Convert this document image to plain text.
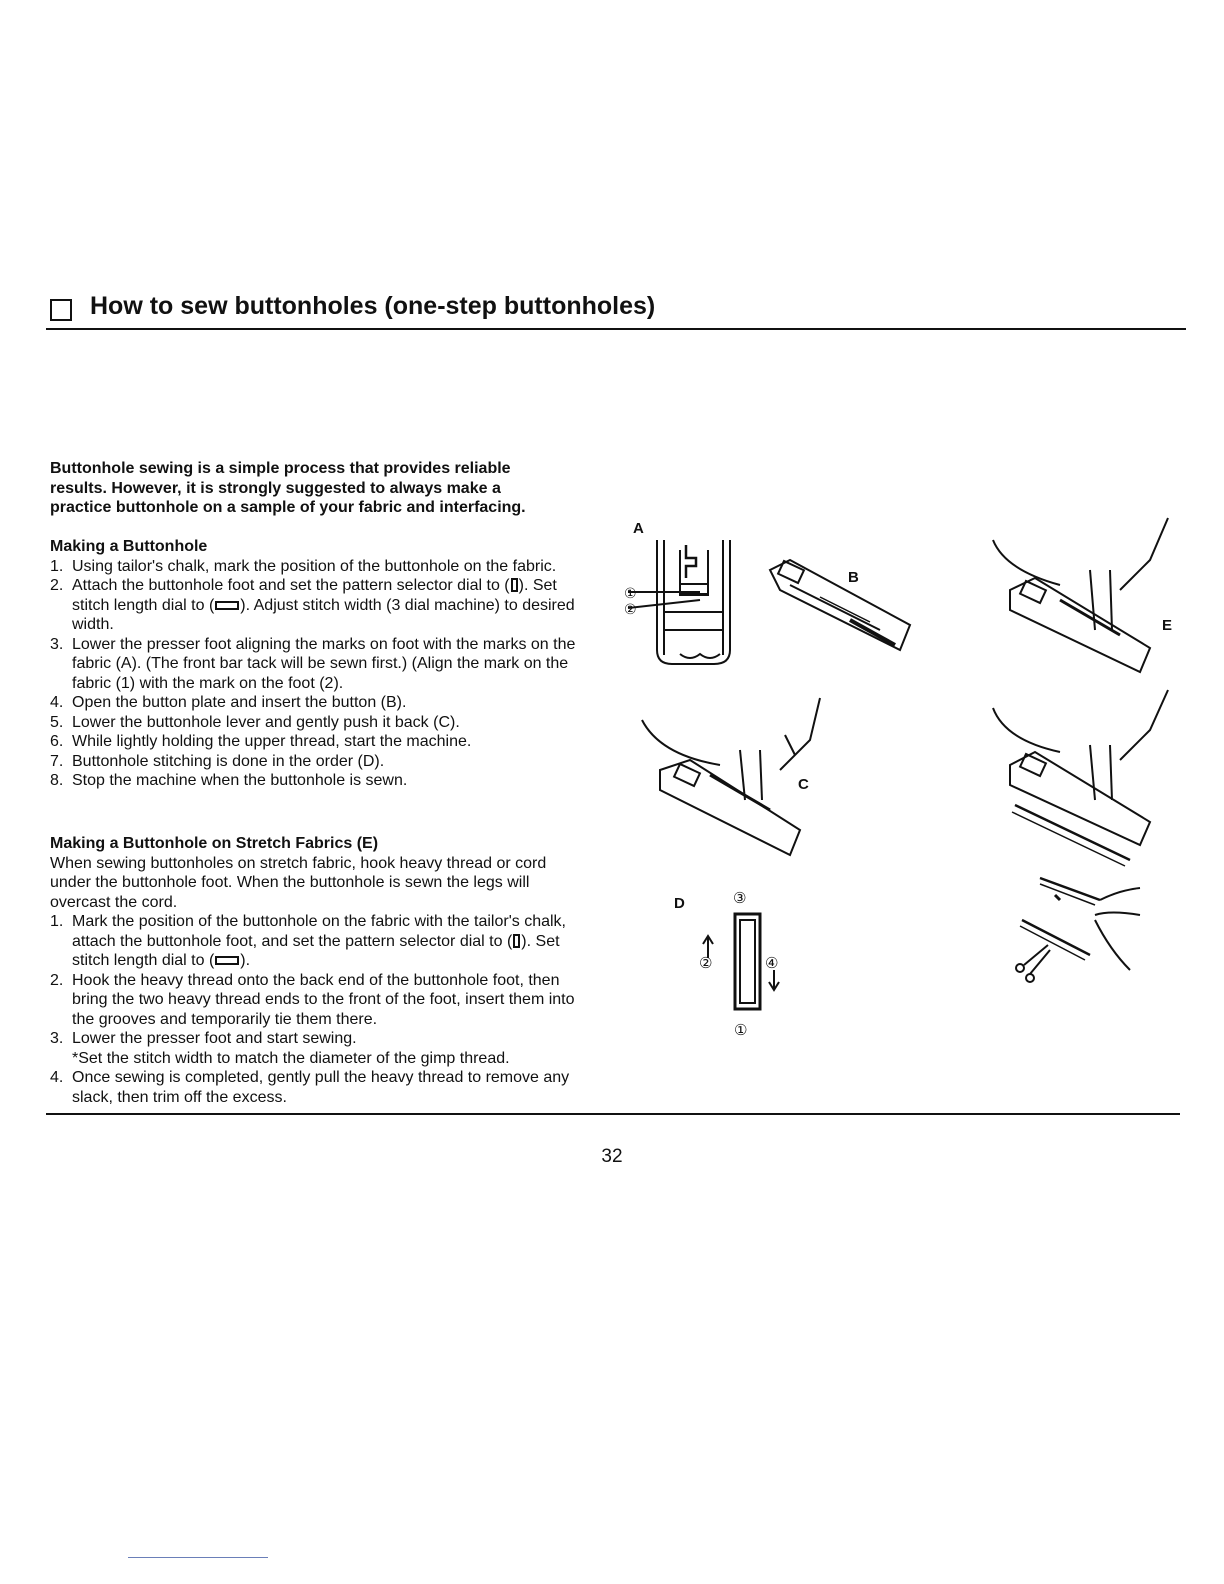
How to sew buttonholes (one-step buttonholes)

Buttonhole sewing is a simple process that provides reliable

results. However, it is strongly suggested to always make a

practice buttonhole on a sample of your fabric and interfacing.

Making a Buttonhole

1. Using tailor's chalk, mark the position of the buttonhole on the fabric.
2. Attach the buttonhole foot and set the pattern selector dial to ( ). Set stitch length dial to ( ). Adjust stitch width (3 dial machine) to desired width.
3. Lower the presser foot aligning the marks on foot with the marks on the fabric (A). (The front bar tack will be sewn first.) (Align the mark on the fabric (1) with the mark on the foot (2).
4. Open the button plate and insert the button (B).
5. Lower the buttonhole lever and gently push it back (C).
6. While lightly holding the upper thread, start the machine.
7. Buttonhole stitching is done in the order (D).
8. Stop the machine when the buttonhole is sewn.

Making a Buttonhole on Stretch Fabrics (E)

When sewing buttonholes on stretch fabric, hook heavy thread or cord under the buttonhole foot. When the buttonhole is sewn the legs will overcast the cord.

1. Mark the position of the buttonhole on the fabric with the tailor's chalk, attach the buttonhole foot, and set the pattern selector dial to ( ). Set stitch length dial to ( ).
2. Hook the heavy thread onto the back end of the buttonhole foot, then bring the two heavy thread ends to the front of the foot, insert them into the grooves and temporarily tie them there.
3. Lower the presser foot and start sewing.
*Set the stitch width to match the diameter of the gimp thread.
4. Once sewing is completed, gently pull the heavy thread to remove any slack, then trim off the excess.
A
①
②
B
C
D	③
②	④
①
E
32
